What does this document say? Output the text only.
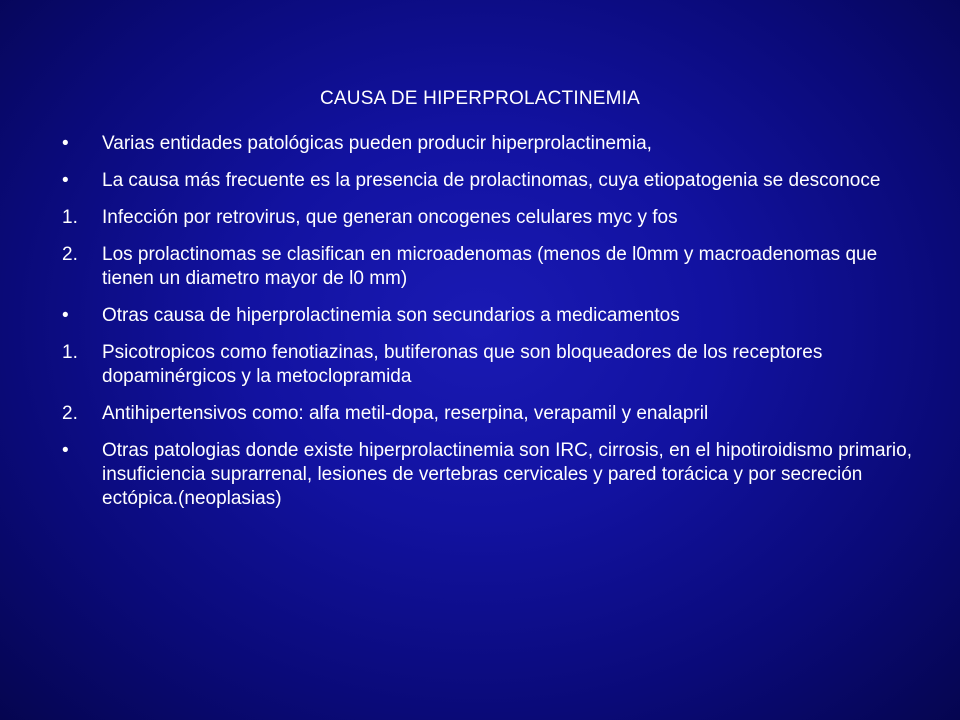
CAUSA DE HIPERPROLACTINEMIA
•	Varias entidades patológicas pueden producir hiperprolactinemia,
•	La causa más frecuente es la presencia de prolactinomas, cuya etiopatogenia se desconoce
1.	Infección por retrovirus, que generan oncogenes celulares myc y fos
2.	Los prolactinomas se clasifican en microadenomas (menos de l0mm y macroadenomas que tienen un diametro mayor de l0 mm)
•	Otras causa de hiperprolactinemia son secundarios a medicamentos
1.	Psicotropicos como fenotiazinas, butiferonas que son bloqueadores de los receptores dopaminérgicos y la metoclopramida
2.	Antihipertensivos como: alfa metil-dopa, reserpina, verapamil y enalapril
•	Otras patologias donde existe hiperprolactinemia son IRC, cirrosis, en el hipotiroidismo primario, insuficiencia suprarrenal, lesiones de vertebras cervicales y pared torácica y por secreción ectópica.(neoplasias)
